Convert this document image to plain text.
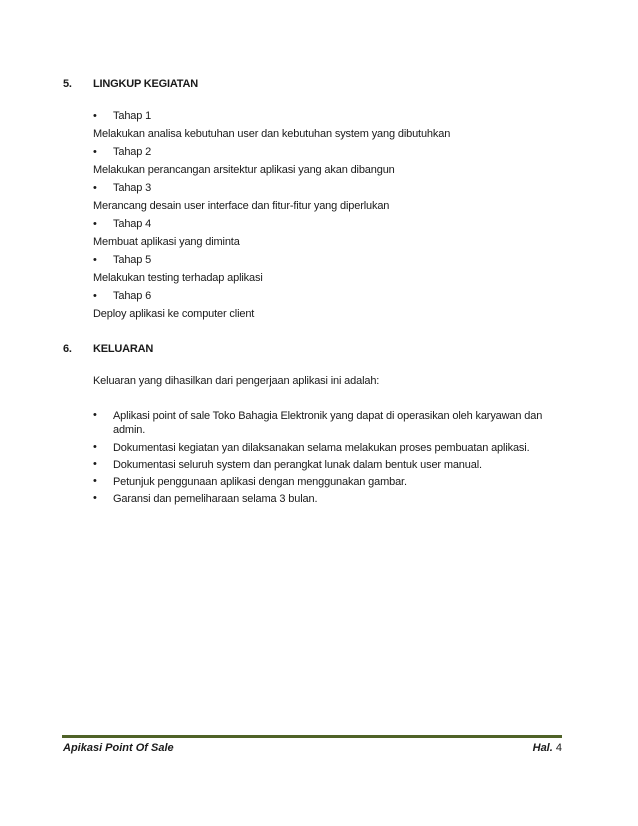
5. LINGKUP KEGIATAN
• Tahap 1
Melakukan analisa kebutuhan user dan kebutuhan system yang dibutuhkan
• Tahap 2
Melakukan perancangan arsitektur aplikasi yang akan dibangun
• Tahap 3
Merancang desain user interface dan fitur-fitur yang diperlukan
• Tahap 4
Membuat aplikasi yang diminta
• Tahap 5
Melakukan testing terhadap aplikasi
• Tahap 6
Deploy aplikasi ke computer client
6. KELUARAN
Keluaran yang dihasilkan dari pengerjaan aplikasi ini adalah:
• Aplikasi point of sale Toko Bahagia Elektronik yang dapat di operasikan oleh karyawan dan admin.
• Dokumentasi kegiatan yan dilaksanakan selama melakukan proses pembuatan aplikasi.
• Dokumentasi seluruh system dan perangkat lunak dalam bentuk user manual.
• Petunjuk penggunaan aplikasi dengan menggunakan gambar.
• Garansi dan pemeliharaan selama 3 bulan.
Apikasi Point Of Sale	Hal. 4
